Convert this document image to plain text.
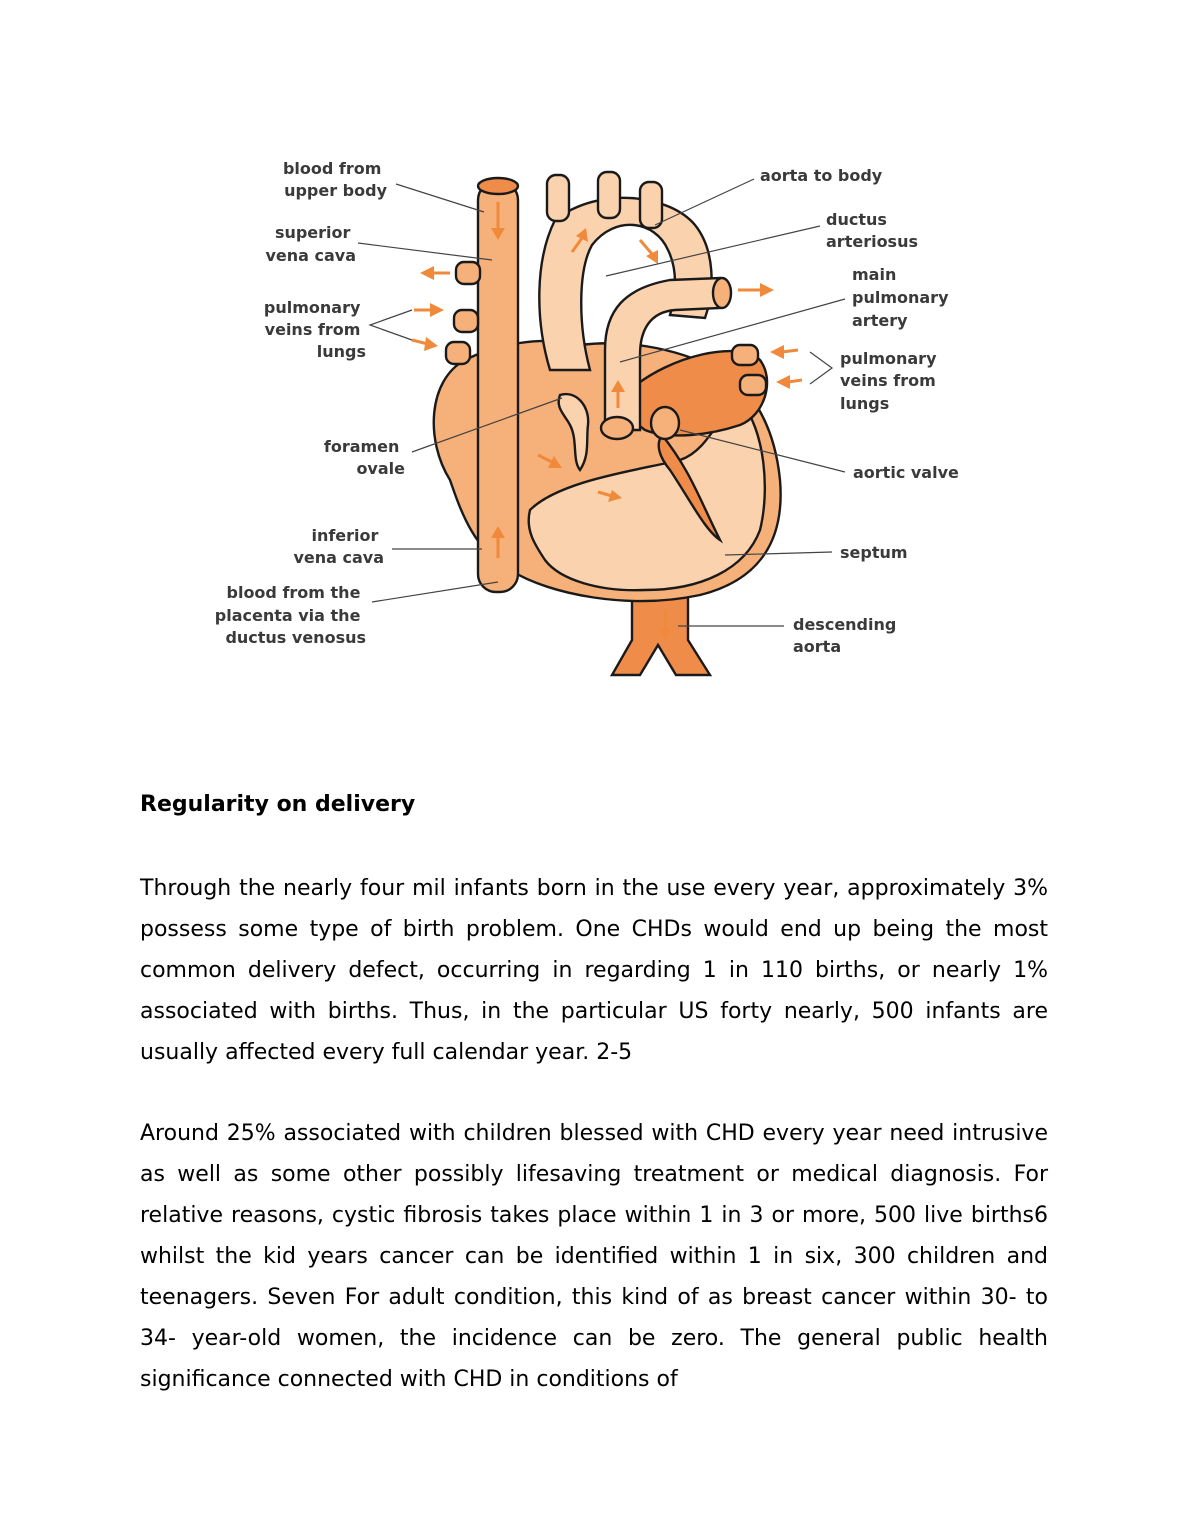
blood from upper body
superior vena cava
pulmonary veins from lungs
foramen ovale
inferior vena cava
blood from the placenta via the ductus venosus
aorta to body
ductus arteriosus
main pulmonary artery
pulmonary veins from lungs
aortic valve
septum
descending aorta
Regularity on delivery

Through the nearly four mil infants born in the use every year, approximately 3% possess some type of birth problem. One CHDs would end up being the most common delivery defect, occurring in regarding 1 in 110 births, or nearly 1% associated with births. Thus, in the particular US forty nearly, 500 infants are usually affected every full calendar year. 2-5

Around 25% associated with children blessed with CHD every year need intrusive as well as some other possibly lifesaving treatment or medical diagnosis. For relative reasons, cystic fibrosis takes place within 1 in 3 or more, 500 live births6 whilst the kid years cancer can be identified within 1 in six, 300 children and teenagers. Seven For adult condition, this kind of as breast cancer within 30- to 34- year-old women, the incidence can be zero. The general public health significance connected with CHD in conditions of
